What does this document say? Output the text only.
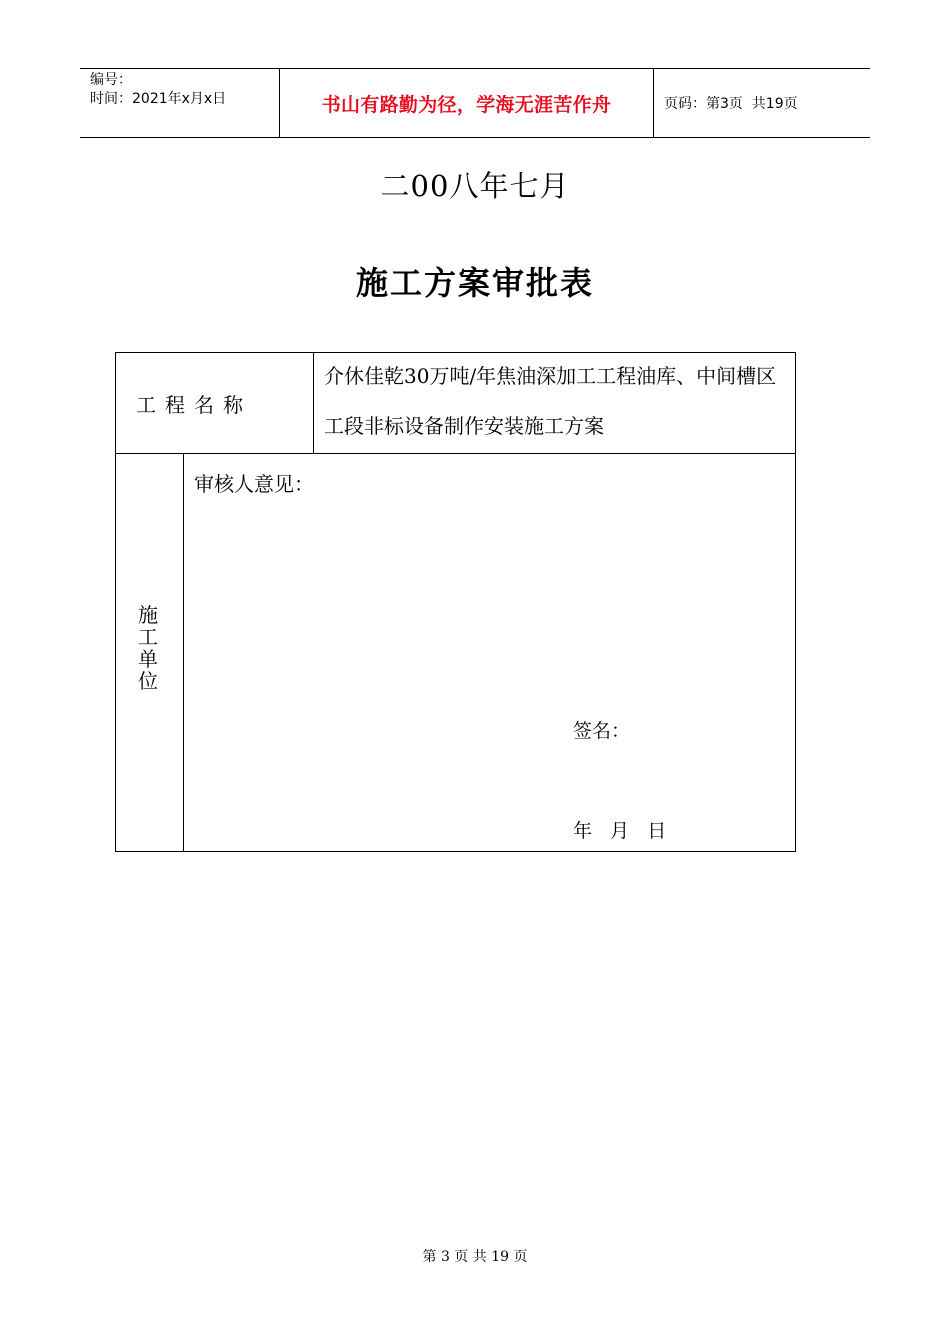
编号：
时间：2021年x月x日	书山有路勤为径，学海无涯苦作舟	页码：第3页  共19页
二00八年七月
施工方案审批表
工程名称
介休佳乾30万吨/年焦油深加工工程油库、中间槽区工段非标设备制作安装施工方案
施工单位
审核人意见：
签名：
年   月   日
第 3 页 共 19 页
